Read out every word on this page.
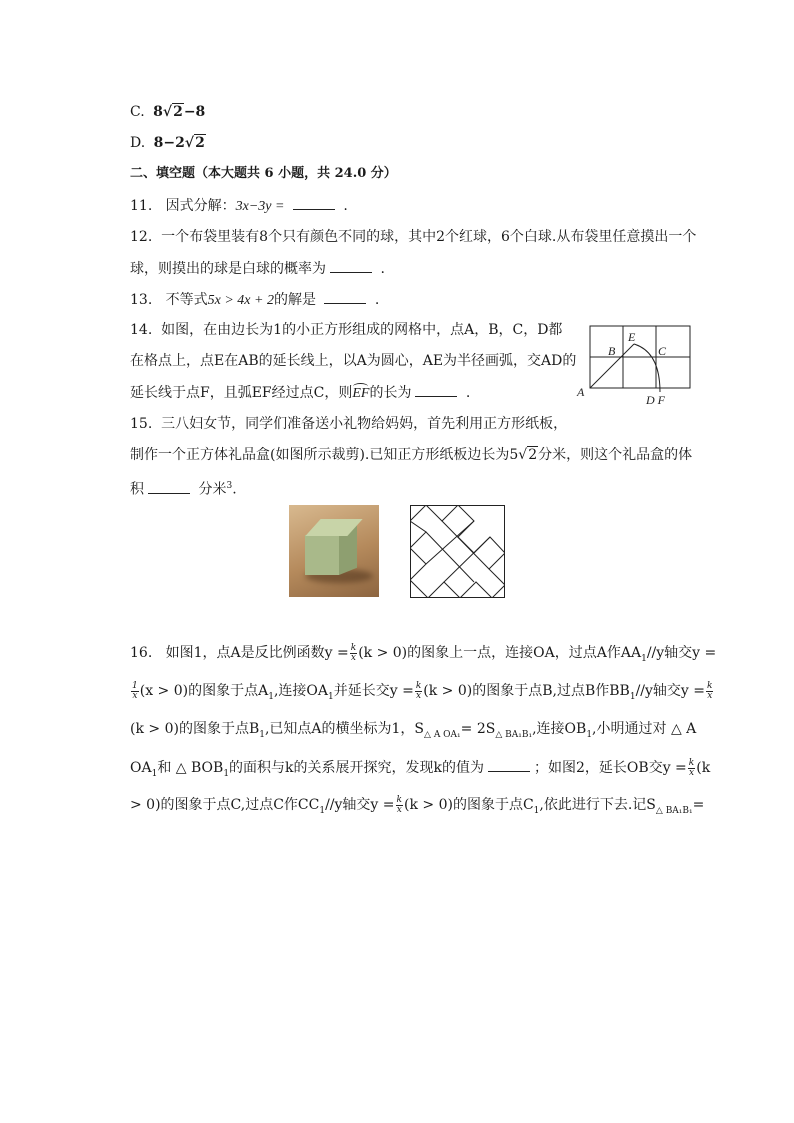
C. 8√2−8
D. 8−2√2
二、填空题（本大题共 6 小题，共 24.0 分）
11. 因式分解：3x−3y =	.
12. 一个布袋里装有8个只有颜色不同的球，其中2个红球，6个白球.从布袋里任意摸出一个
球，则摸出的球是白球的概率为	.
13. 不等式5x > 4x + 2的解是	.
14. 如图，在由边长为1的小正方形组成的网格中，点A，B，C，D都
在格点上，点E在AB的延长线上，以A为圆心，AE为半径画弧，交AD的
延长线于点F，且弧EF经过点C，则EF的长为	.	A
B
E
C
D F
15. 三八妇女节，同学们准备送小礼物给妈妈，首先利用正方形纸板，
制作一个正方体礼品盒(如图所示裁剪).已知正方形纸板边长为5√2分米，则这个礼品盒的体
积	分米$^3$.
16. 如图1，点A是反比例函数$y = \frac{k}{x} (k > 0)$的图象上一点，连接OA，过点A作$AA_1//y$轴交y =
$\frac{1}{x} (x > 0)$的图象于点$A_1$,连接$OA_1$并延长交$y = \frac{k}{x} (k > 0)$的图象于点B,过点B作$BB_1//y$轴交$y = \frac{k}{x}$
(k > 0)的图象于点$B_1$,已知点A的横坐标为1，$S_{\triangle A OA_1}= 2S_{\triangle BA_1B_1}$,连接$OB_1$,小明通过对 △ A
$OA_1$和 △ $BOB_1$的面积与k的关系展开探究，发现k的值为	；如图2，延长OB交$y = \frac{k}{x} (k$
> 0)的图象于点C,过点C作$CC_1//y$轴交$y = \frac{k}{x} (k > 0)$的图象于点$C_1$,依此进行下去.记$S_{\triangle BA_1B_1}=$
